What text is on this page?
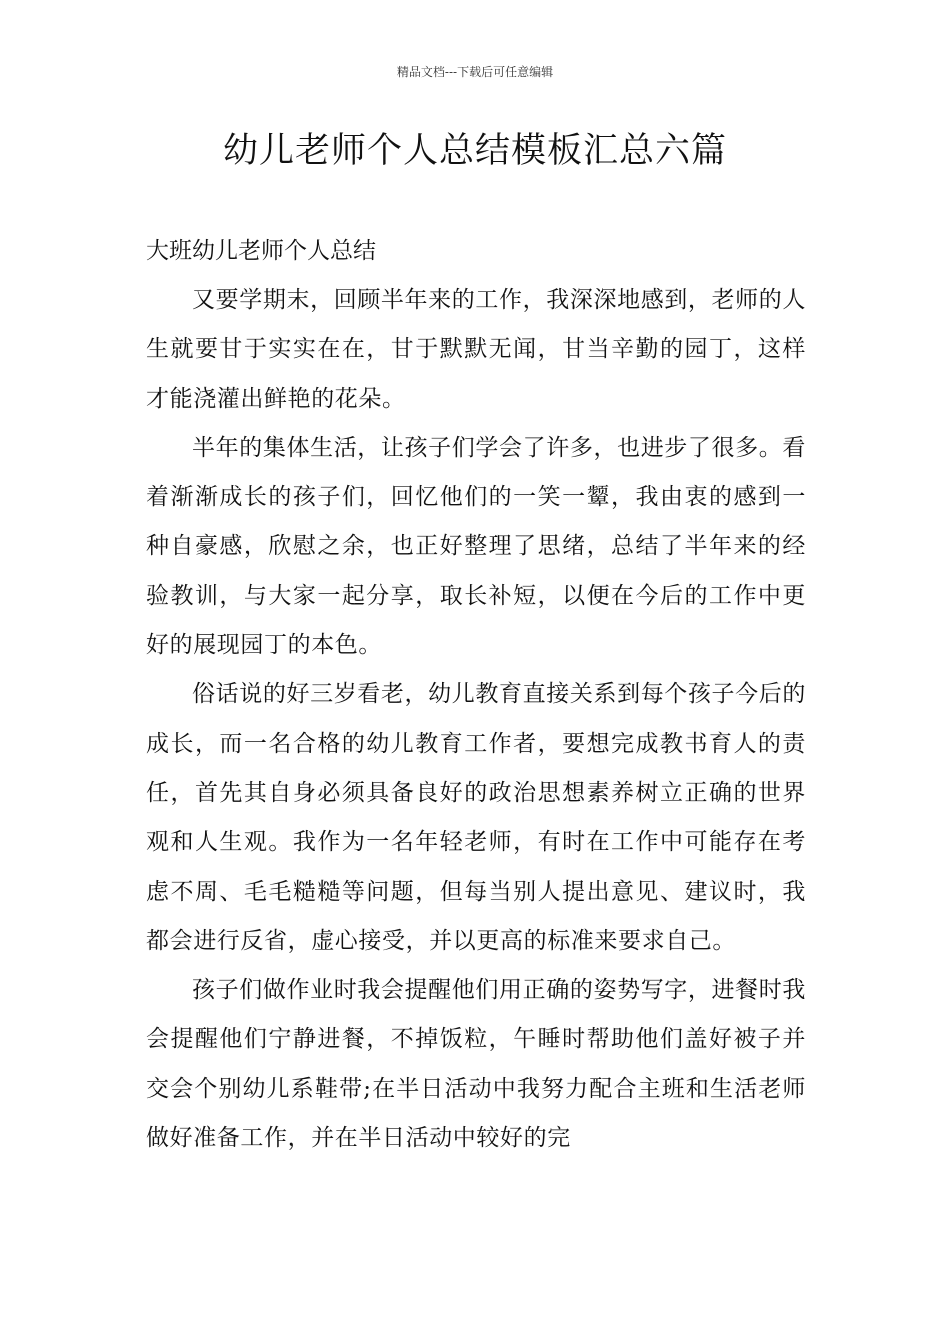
精品文档---下载后可任意编辑
幼儿老师个人总结模板汇总六篇
大班幼儿老师个人总结

又要学期末，回顾半年来的工作，我深深地感到，老师的人生就要甘于实实在在，甘于默默无闻，甘当辛勤的园丁，这样才能浇灌出鲜艳的花朵。

半年的集体生活，让孩子们学会了许多，也进步了很多。看着渐渐成长的孩子们，回忆他们的一笑一颦，我由衷的感到一种自豪感，欣慰之余，也正好整理了思绪，总结了半年来的经验教训，与大家一起分享，取长补短，以便在今后的工作中更好的展现园丁的本色。

俗话说的好三岁看老，幼儿教育直接关系到每个孩子今后的成长，而一名合格的幼儿教育工作者，要想完成教书育人的责任，首先其自身必须具备良好的政治思想素养树立正确的世界观和人生观。我作为一名年轻老师，有时在工作中可能存在考虑不周、毛毛糙糙等问题，但每当别人提出意见、建议时，我都会进行反省，虚心接受，并以更高的标准来要求自己。

孩子们做作业时我会提醒他们用正确的姿势写字，进餐时我会提醒他们宁静进餐，不掉饭粒，午睡时帮助他们盖好被子并交会个别幼儿系鞋带;在半日活动中我努力配合主班和生活老师做好准备工作，并在半日活动中较好的完
